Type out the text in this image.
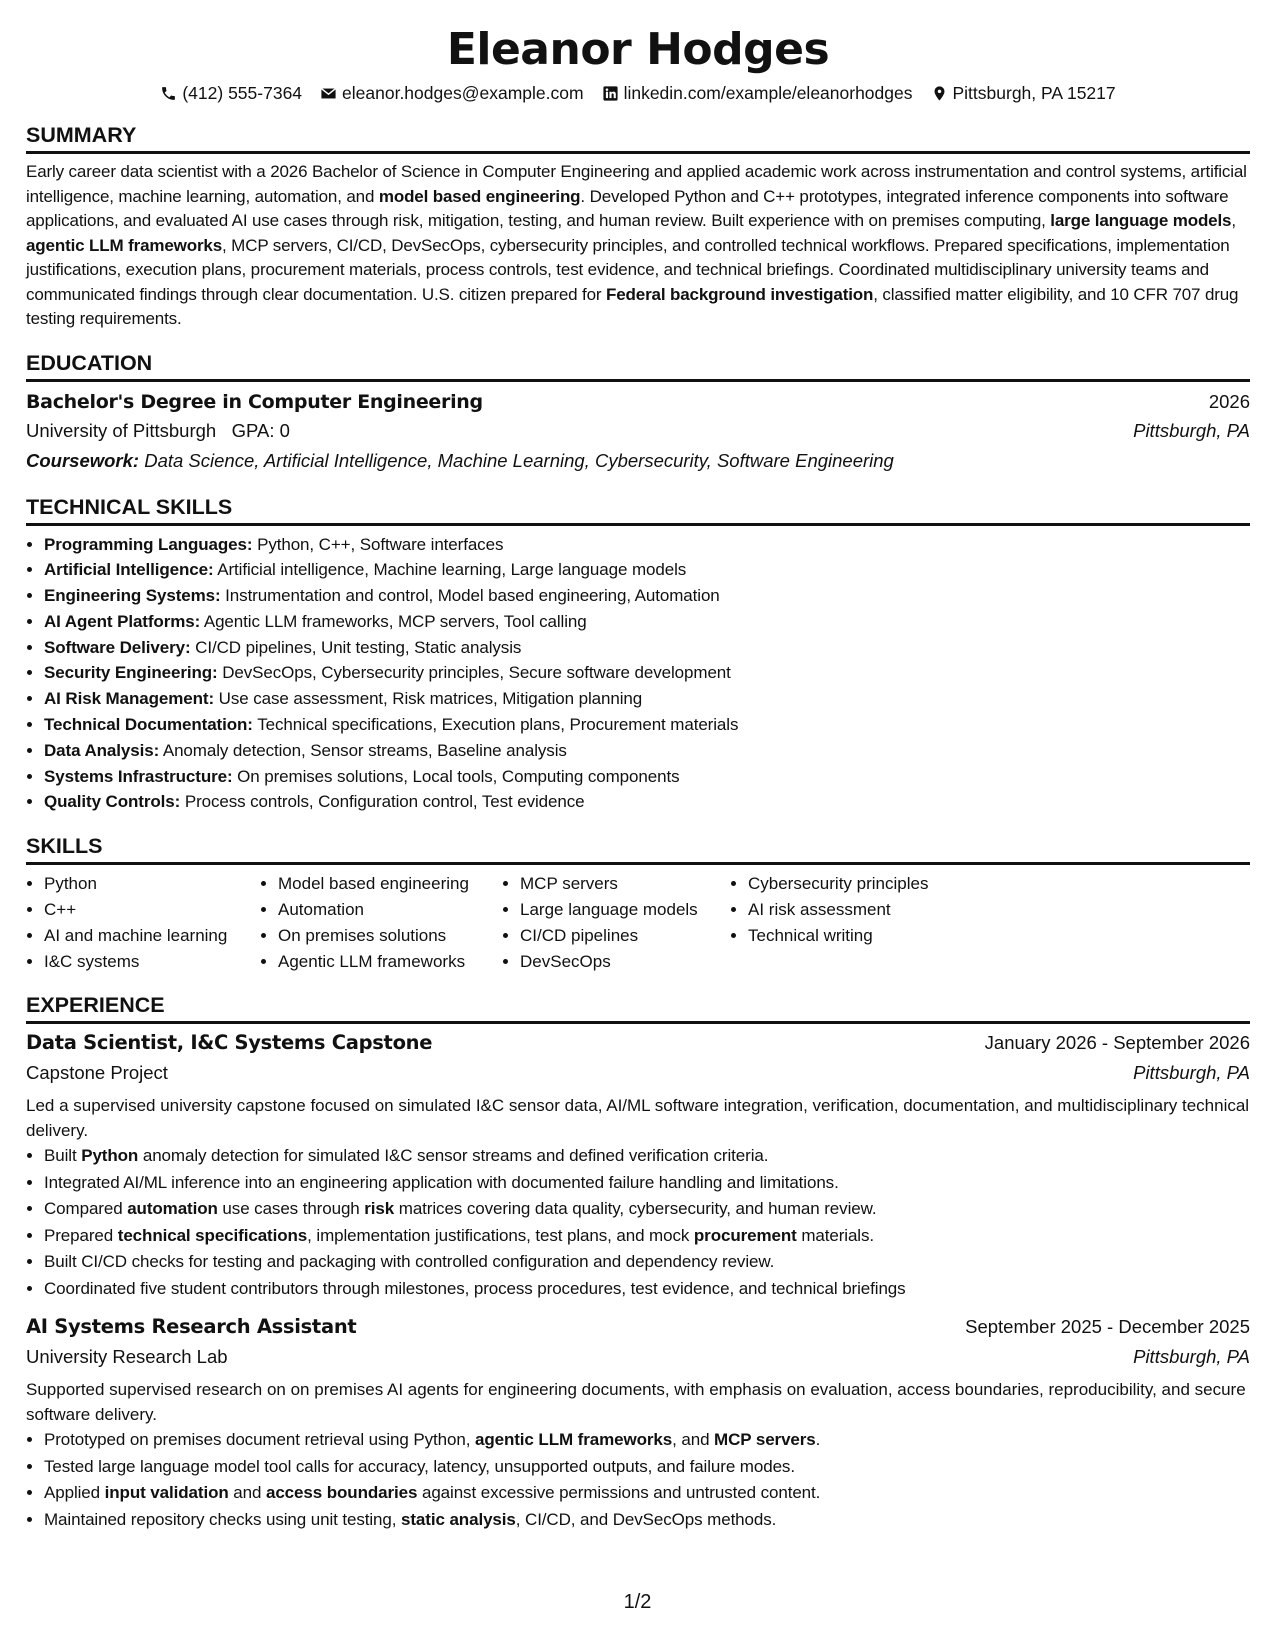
Eleanor Hodges
(412) 555-7364 eleanor.hodges@example.com linkedin.com/example/eleanorhodges Pittsburgh, PA 15217
SUMMARY
Early career data scientist with a 2026 Bachelor of Science in Computer Engineering and applied academic work across instrumentation and control systems, artificial intelligence, machine learning, automation, and model based engineering. Developed Python and C++ prototypes, integrated inference components into software applications, and evaluated AI use cases through risk, mitigation, testing, and human review. Built experience with on premises computing, large language models, agentic LLM frameworks, MCP servers, CI/CD, DevSecOps, cybersecurity principles, and controlled technical workflows. Prepared specifications, implementation justifications, execution plans, procurement materials, process controls, test evidence, and technical briefings. Coordinated multidisciplinary university teams and communicated findings through clear documentation. U.S. citizen prepared for Federal background investigation, classified matter eligibility, and 10 CFR 707 drug testing requirements.
EDUCATION
Bachelor's Degree in Computer Engineering	2026
University of Pittsburgh GPA: 0	Pittsburgh, PA
Coursework: Data Science, Artificial Intelligence, Machine Learning, Cybersecurity, Software Engineering
TECHNICAL SKILLS
• Programming Languages: Python, C++, Software interfaces
• Artificial Intelligence: Artificial intelligence, Machine learning, Large language models
• Engineering Systems: Instrumentation and control, Model based engineering, Automation
• AI Agent Platforms: Agentic LLM frameworks, MCP servers, Tool calling
• Software Delivery: CI/CD pipelines, Unit testing, Static analysis
• Security Engineering: DevSecOps, Cybersecurity principles, Secure software development
• AI Risk Management: Use case assessment, Risk matrices, Mitigation planning
• Technical Documentation: Technical specifications, Execution plans, Procurement materials
• Data Analysis: Anomaly detection, Sensor streams, Baseline analysis
• Systems Infrastructure: On premises solutions, Local tools, Computing components
• Quality Controls: Process controls, Configuration control, Test evidence
SKILLS
• Python
• C++
• AI and machine learning
• I&C systems
• Model based engineering
• Automation
• On premises solutions
• Agentic LLM frameworks
• MCP servers
• Large language models
• CI/CD pipelines
• DevSecOps
• Cybersecurity principles
• AI risk assessment
• Technical writing
EXPERIENCE
Data Scientist, I&C Systems Capstone	January 2026 - September 2026
Capstone Project	Pittsburgh, PA
Led a supervised university capstone focused on simulated I&C sensor data, AI/ML software integration, verification, documentation, and multidisciplinary technical delivery.
• Built Python anomaly detection for simulated I&C sensor streams and defined verification criteria.
• Integrated AI/ML inference into an engineering application with documented failure handling and limitations.
• Compared automation use cases through risk matrices covering data quality, cybersecurity, and human review.
• Prepared technical specifications, implementation justifications, test plans, and mock procurement materials.
• Built CI/CD checks for testing and packaging with controlled configuration and dependency review.
• Coordinated five student contributors through milestones, process procedures, test evidence, and technical briefings
AI Systems Research Assistant	September 2025 - December 2025
University Research Lab	Pittsburgh, PA
Supported supervised research on on premises AI agents for engineering documents, with emphasis on evaluation, access boundaries, reproducibility, and secure software delivery.
• Prototyped on premises document retrieval using Python, agentic LLM frameworks, and MCP servers.
• Tested large language model tool calls for accuracy, latency, unsupported outputs, and failure modes.
• Applied input validation and access boundaries against excessive permissions and untrusted content.
• Maintained repository checks using unit testing, static analysis, CI/CD, and DevSecOps methods.
1/2
